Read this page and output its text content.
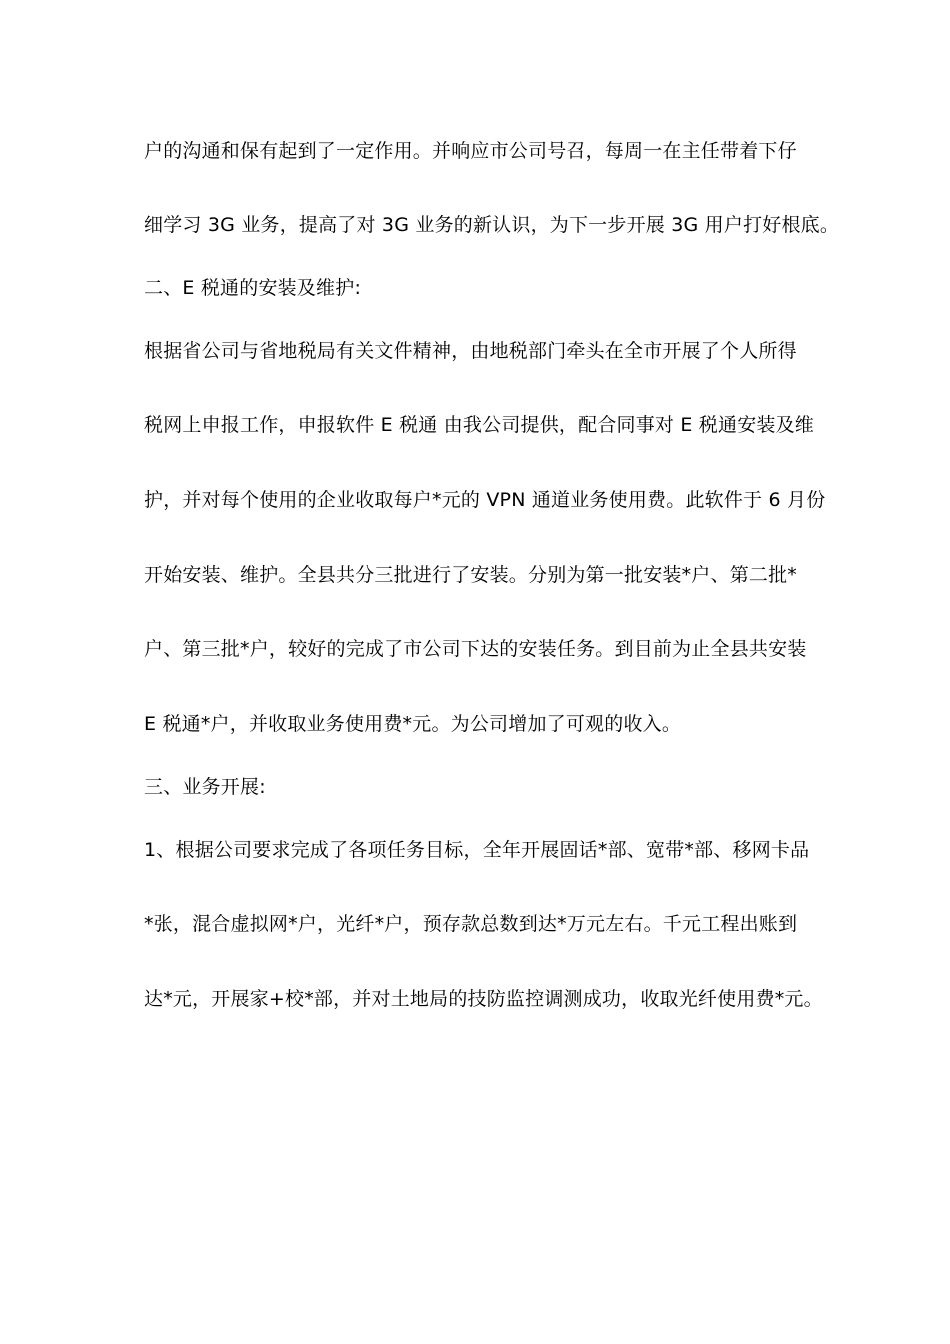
户的沟通和保有起到了一定作用。并响应市公司号召，每周一在主任带着下仔
细学习 3G 业务，提高了对 3G 业务的新认识，为下一步开展 3G 用户打好根底。
二、E 税通的安装及维护:
根据省公司与省地税局有关文件精神，由地税部门牵头在全市开展了个人所得
税网上申报工作，申报软件 E 税通 由我公司提供，配合同事对 E 税通安装及维
护，并对每个使用的企业收取每户*元的 VPN 通道业务使用费。此软件于 6 月份
开始安装、维护。全县共分三批进行了安装。分别为第一批安装*户、第二批*
户、第三批*户，较好的完成了市公司下达的安装任务。到目前为止全县共安装
E 税通*户，并收取业务使用费*元。为公司增加了可观的收入。
三、业务开展:
1、根据公司要求完成了各项任务目标，全年开展固话*部、宽带*部、移网卡品
*张，混合虚拟网*户，光纤*户，预存款总数到达*万元左右。千元工程出账到
达*元，开展家+校*部，并对土地局的技防监控调测成功，收取光纤使用费*元。
